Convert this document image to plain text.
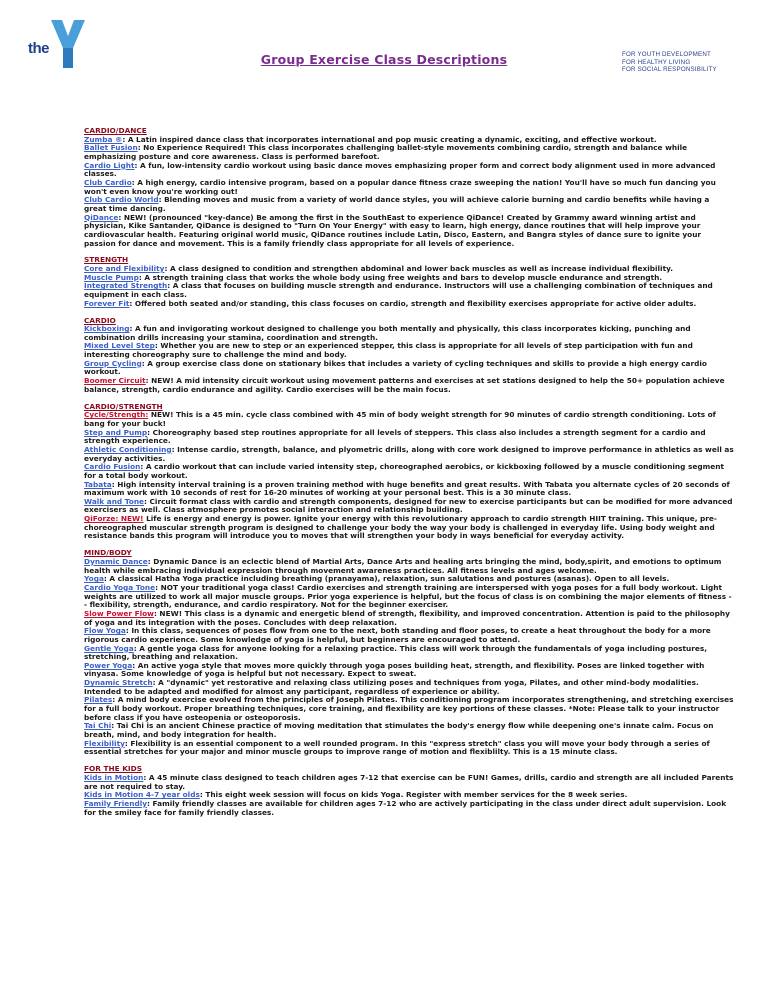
the
Group Exercise Class Descriptions	FOR YOUTH DEVELOPMENT
FOR HEALTHY LIVING
FOR SOCIAL RESPONSIBILITY
CARDIO/DANCE
Zumba ®: A Latin inspired dance class that incorporates international and pop music creating a dynamic, exciting, and effective workout.
Ballet Fusion: No Experience Required! This class incorporates challenging ballet-style movements combining cardio, strength and balance while emphasizing posture and core awareness. Class is performed barefoot.
Cardio Light: A fun, low-intensity cardio workout using basic dance moves emphasizing proper form and correct body alignment used in more advanced classes.
Club Cardio: A high energy, cardio intensive program, based on a popular dance fitness craze sweeping the nation! You'll have so much fun dancing you won't even know you're working out!
Club Cardio World: Blending moves and music from a variety of world dance styles, you will achieve calorie burning and cardio benefits while having a great time dancing.
QiDance: NEW! (pronounced "key-dance) Be among the first in the SouthEast to experience QiDance! Created by Grammy award winning artist and physician, Kike Santander, QiDance is designed to "Turn On Your Energy" with easy to learn, high energy, dance routines that will help improve your cardiovascular health. Featuring original world music, QiDance routines include Latin, Disco, Eastern, and Bangra styles of dance sure to ignite your passion for dance and movement. This is a family friendly class appropriate for all levels of experience.
STRENGTH
Core and Flexibility: A class designed to condition and strengthen abdominal and lower back muscles as well as increase individual flexibility.
Muscle Pump: A strength training class that works the whole body using free weights and bars to develop muscle endurance and strength.
Integrated Strength: A class that focuses on building muscle strength and endurance. Instructors will use a challenging combination of techniques and equipment in each class.
Forever Fit: Offered both seated and/or standing, this class focuses on cardio, strength and flexibility exercises appropriate for active older adults.
CARDIO
Kickboxing: A fun and invigorating workout designed to challenge you both mentally and physically, this class incorporates kicking, punching and combination drills increasing your stamina, coordination and strength.
Mixed Level Step: Whether you are new to step or an experienced stepper, this class is appropriate for all levels of step participation with fun and interesting choreography sure to challenge the mind and body.
Group Cycling: A group exercise class done on stationary bikes that includes a variety of cycling techniques and skills to provide a high energy cardio workout.
Boomer Circuit: NEW! A mid intensity circuit workout using movement patterns and exercises at set stations designed to help the 50+ population achieve balance, strength, cardio endurance and agility. Cardio exercises will be the main focus.
CARDIO/STRENGTH
Cycle/Strength: NEW! This is a 45 min. cycle class combined with 45 min of body weight strength for 90 minutes of cardio strength conditioning. Lots of bang for your buck!
Step and Pump: Choreography based step routines appropriate for all levels of steppers. This class also includes a strength segment for a cardio and strength experience.
Athletic Conditioning: Intense cardio, strength, balance, and plyometric drills, along with core work designed to improve performance in athletics as well as everyday activities.
Cardio Fusion: A cardio workout that can include varied intensity step, choreographed aerobics, or kickboxing followed by a muscle conditioning segment for a total body workout.
Tabata: High intensity interval training is a proven training method with huge benefits and great results. With Tabata you alternate cycles of 20 seconds of maximum work with 10 seconds of rest for 16-20 minutes of working at your personal best. This is a 30 minute class.
Walk and Tone: Circuit format class with cardio and strength components, designed for new to exercise participants but can be modified for more advanced exercisers as well. Class atmosphere promotes social interaction and relationship building.
QiForze: NEW! Life is energy and energy is power. Ignite your energy with this revolutionary approach to cardio strength HIIT training. This unique, pre-choreographed muscular strength program is designed to challenge your body the way your body is challenged in everyday life. Using body weight and resistance bands this program will introduce you to moves that will strengthen your body in ways beneficial for everyday activity.
MIND/BODY
Dynamic Dance: Dynamic Dance is an eclectic blend of Martial Arts, Dance Arts and healing arts bringing the mind, body,spirit, and emotions to optimum health while embracing individual expression through movement awareness practices. All fitness levels and ages welcome.
Yoga: A classical Hatha Yoga practice including breathing (pranayama), relaxation, sun salutations and postures (asanas). Open to all levels.
Cardio Yoga Tone: NOT your traditional yoga class! Cardio exercises and strength training are interspersed with yoga poses for a full body workout. Light weights are utilized to work all major muscle groups. Prior yoga experience is helpful, but the focus of class is on combining the major elements of fitness -- flexibility, strength, endurance, and cardio respiratory. Not for the beginner exerciser.
Slow Power Flow: NEW! This class is a dynamic and energetic blend of strength, flexibility, and improved concentration. Attention is paid to the philosophy of yoga and its integration with the poses. Concludes with deep relaxation.
Flow Yoga: In this class, sequences of poses flow from one to the next, both standing and floor poses, to create a heat throughout the body for a more rigorous cardio experience. Some knowledge of yoga is helpful, but beginners are encouraged to attend.
Gentle Yoga: A gentle yoga class for anyone looking for a relaxing practice. This class will work through the fundamentals of yoga including postures, stretching, breathing and relaxation.
Power Yoga: An active yoga style that moves more quickly through yoga poses building heat, strength, and flexibility. Poses are linked together with vinyasa. Some knowledge of yoga is helpful but not necessary. Expect to sweat.
Dynamic Stretch: A "dynamic" yet restorative and relaxing class utilizing poses and techniques from yoga, Pilates, and other mind-body modalities. Intended to be adapted and modified for almost any participant, regardless of experience or ability.
Pilates: A mind body exercise evolved from the principles of Joseph Pilates. This conditioning program incorporates strengthening, and stretching exercises for a full body workout. Proper breathing techniques, core training, and flexibility are key portions of these classes. *Note: Please talk to your instructor before class if you have osteopenia or osteoporosis.
Tai Chi: Tai Chi is an ancient Chinese practice of moving meditation that stimulates the body's energy flow while deepening one's innate calm. Focus on breath, mind, and body integration for health.
Flexibility: Flexibility is an essential component to a well rounded program. In this "express stretch" class you will move your body through a series of essential stretches for your major and minor muscle groups to improve range of motion and flexiblilty. This is a 15 minute class.
FOR THE KIDS
Kids in Motion: A 45 minute class designed to teach children ages 7-12 that exercise can be FUN! Games, drills, cardio and strength are all included Parents are not required to stay.
Kids in Motion 4-7 year olds: This eight week session will focus on kids Yoga. Register with member services for the 8 week series.
Family Friendly: Family friendly classes are available for children ages 7-12 who are actively participating in the class under direct adult supervision. Look for the smiley face for family friendly classes.
